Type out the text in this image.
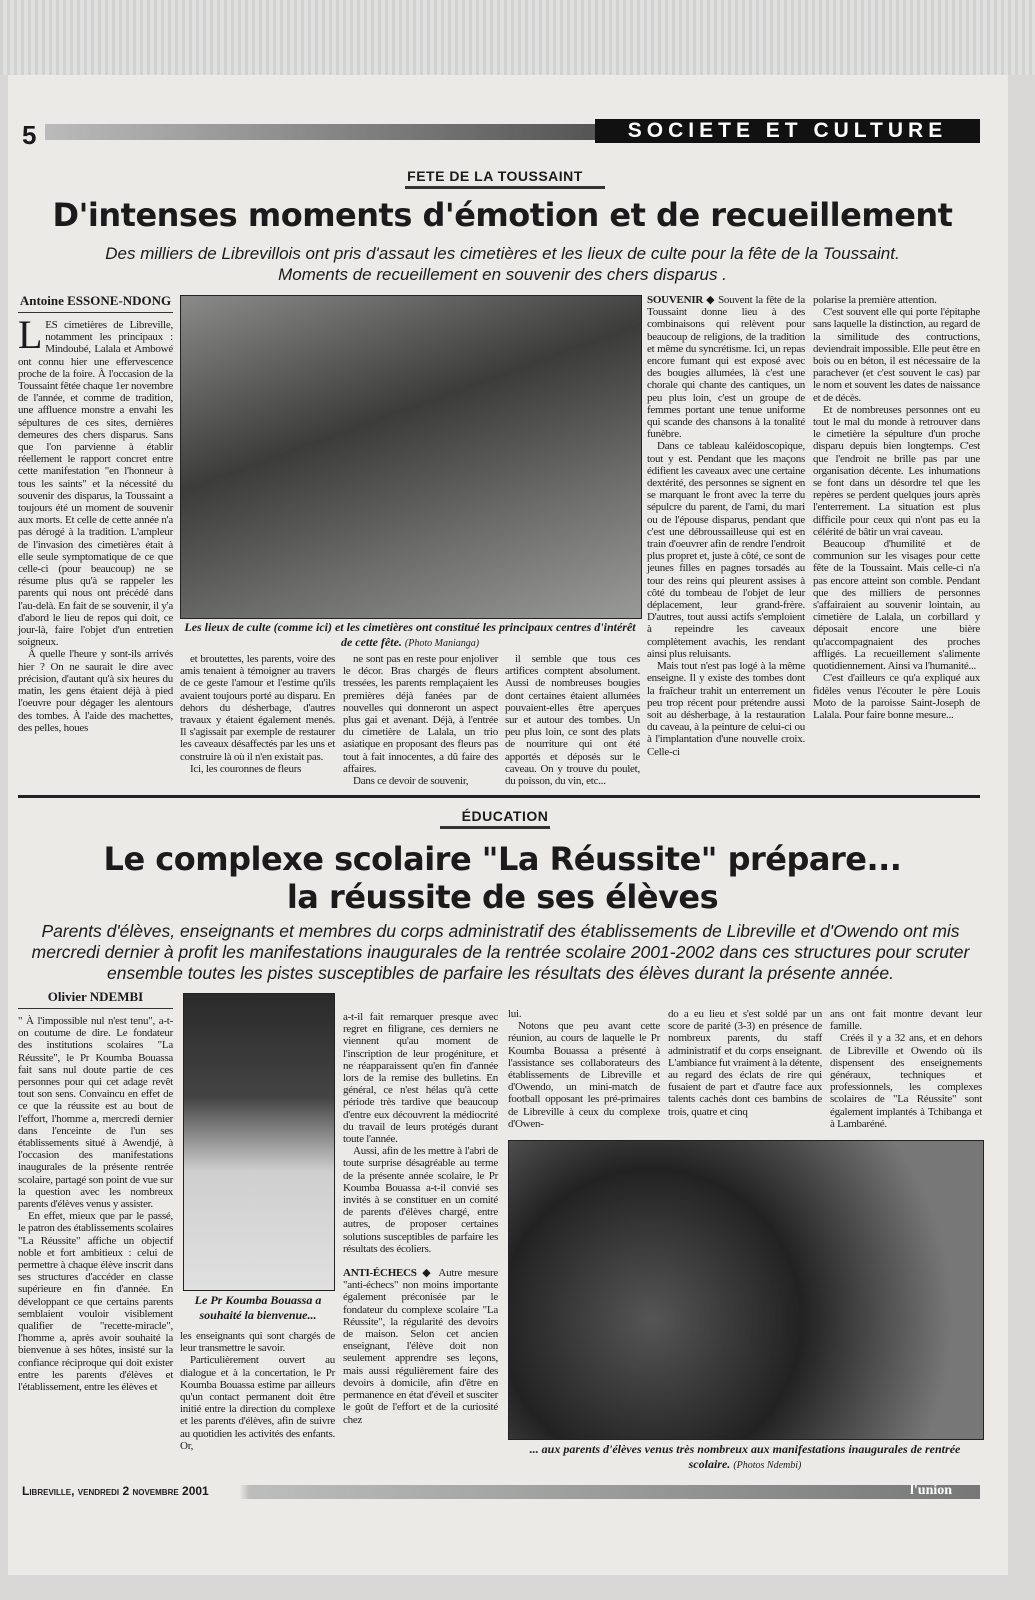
5	SOCIETE ET CULTURE
FETE DE LA TOUSSAINT
D'intenses moments d'émotion et de recueillement
Des milliers de Librevillois ont pris d'assaut les cimetières et les lieux de culte pour la fête de la Toussaint.
Moments de recueillement en souvenir des chers disparus .
Antoine ESSONE-NDONG

LES cimetières de Libreville, notamment les principaux : Mindoubé, Lalala et Ambowé ont connu hier une effervescence proche de la foire. À l'occasion de la Toussaint fêtée chaque 1er novembre de l'année, et comme de tradition, une affluence monstre a envahi les sépultures de ces sites, dernières demeures des chers disparus. Sans que l'on parvienne à établir réellement le rapport concret entre cette manifestation "en l'honneur à tous les saints" et la nécessité du souvenir des disparus, la Toussaint a toujours été un moment de souvenir aux morts. Et celle de cette année n'a pas dérogé à la tradition. L'ampleur de l'invasion des cimetières était à elle seule symptomatique de ce que celle-ci (pour beaucoup) ne se résume plus qu'à se rappeler les parents qui nous ont précédé dans l'au-delà. En fait de se souvenir, il y'a d'abord le lieu de repos qui doit, ce jour-là, faire l'objet d'un entretien soigneux.

À quelle l'heure y sont-ils arrivés hier ? On ne saurait le dire avec précision, d'autant qu'à six heures du matin, les gens étaient déjà à pied l'oeuvre pour dégager les alentours des tombes. À l'aide des machettes, des pelles, houes

Les lieux de culte (comme ici) et les cimetières ont constitué les principaux centres d'intérêt de cette fête. (Photo Manianga)

et broutettes, les parents, voire des amis tenaient à témoigner au travers de ce geste l'amour et l'estime qu'ils avaient toujours porté au disparu. En dehors du désherbage, d'autres travaux y étaient également menés. Il s'agissait par exemple de restaurer les caveaux désaffectés par les uns et construire là où il n'en existait pas.

Ici, les couronnes de fleurs

ne sont pas en reste pour enjoliver le décor. Bras chargés de fleurs tressées, les parents remplaçaient les premières déjà fanées par de nouvelles qui donneront un aspect plus gai et avenant. Déjà, à l'entrée du cimetière de Lalala, un trio asiatique en proposant des fleurs pas tout à fait innocentes, a dû faire des affaires.

Dans ce devoir de souvenir,

il semble que tous ces artifices comptent absolument. Aussi de nombreuses bougies dont certaines étaient allumées pouvaient-elles être aperçues sur et autour des tombes. Un peu plus loin, ce sont des plats de nourriture qui ont été apportés et déposés sur le caveau. On y trouve du poulet, du poisson, du vin, etc...

SOUVENIR ◆ Souvent la fête de la Toussaint donne lieu à des combinaisons qui relèvent pour beaucoup de religions, de la tradition et même du syncrétisme. Ici, un repas encore fumant qui est exposé avec des bougies allumées, là c'est une chorale qui chante des cantiques, un peu plus loin, c'est un groupe de femmes portant une tenue uniforme qui scande des chansons à la tonalité funèbre.

Dans ce tableau kaléidoscopique, tout y est. Pendant que les maçons édifient les caveaux avec une certaine dextérité, des personnes se signent en se marquant le front avec la terre du sépulcre du parent, de l'ami, du mari ou de l'épouse disparus, pendant que c'est une débroussailleuse qui est en train d'oeuvrer afin de rendre l'endroit plus propret et, juste à côté, ce sont de jeunes filles en pagnes torsadés au tour des reins qui pleurent assises à côté du tombeau de l'objet de leur déplacement, leur grand-frère. D'autres, tout aussi actifs s'emploient à repeindre les caveaux complètement avachis, les rendant ainsi plus reluisants.

Mais tout n'est pas logé à la même enseigne. Il y existe des tombes dont la fraîcheur trahit un enterrement un peu trop récent pour prétendre aussi soit au désherbage, à la restauration du caveau, à la peinture de celui-ci ou à l'implantation d'une nouvelle croix. Celle-ci

polarise la première attention.

C'est souvent elle qui porte l'épitaphe sans laquelle la distinction, au regard de la similitude des contructions, deviendrait impossible. Elle peut être en bois ou en béton, il est nécessaire de la parachever (et c'est souvent le cas) par le nom et souvent les dates de naissance et de décès.

Et de nombreuses personnes ont eu tout le mal du monde à retrouver dans le cimetière la sépulture d'un proche disparu depuis bien longtemps. C'est que l'endroit ne brille pas par une organisation décente. Les inhumations se font dans un désordre tel que les repères se perdent quelques jours après l'enterrement. La situation est plus difficile pour ceux qui n'ont pas eu la célérité de bâtir un vrai caveau.

Beaucoup d'humilité et de communion sur les visages pour cette fête de la Toussaint. Mais celle-ci n'a pas encore atteint son comble. Pendant que des milliers de personnes s'affairaient au souvenir lointain, au cimetière de Lalala, un corbillard y déposait encore une bière qu'accompagnaient des proches affligés. La recueillement s'alimente quotidiennement. Ainsi va l'humanité...

C'est d'ailleurs ce qu'a expliqué aux fidèles venus l'écouter le père Louis Moto de la paroisse Saint-Joseph de Lalala. Pour faire bonne mesure...

ÉDUCATION
Le complexe scolaire "La Réussite" prépare...
la réussite de ses élèves
Parents d'élèves, enseignants et membres du corps administratif des établissements de Libreville et d'Owendo ont mis mercredi dernier à profit les manifestations inaugurales de la rentrée scolaire 2001-2002 dans ces structures pour scruter ensemble toutes les pistes susceptibles de parfaire les résultats des élèves durant la présente année.
Olivier NDEMBI

" À l'impossible nul n'est tenu", a-t-on coutume de dire. Le fondateur des institutions scolaires "La Réussite", le Pr Koumba Bouassa fait sans nul doute partie de ces personnes pour qui cet adage revêt tout son sens. Convaincu en effet de ce que la réussite est au bout de l'effort, l'homme a, mercredi dernier dans l'enceinte de l'un ses établissements situé à Awendjé, à l'occasion des manifestations inaugurales de la présente rentrée scolaire, partagé son point de vue sur la question avec les nombreux parents d'élèves venus y assister.

En effet, mieux que par le passé, le patron des établissements scolaires "La Réussite" affiche un objectif noble et fort ambitieux : celui de permettre à chaque élève inscrit dans ses structures d'accéder en classe supérieure en fin d'année. En développant ce que certains parents semblaient vouloir visiblement qualifier de "recette-miracle", l'homme a, après avoir souhaité la bienvenue à ses hôtes, insisté sur la confiance réciproque qui doit exister entre les parents d'élèves et l'établissement, entre les élèves et

Le Pr Koumba Bouassa a souhaité la bienvenue...

les enseignants qui sont chargés de leur transmettre le savoir.

Particulièrement ouvert au dialogue et à la concertation, le Pr Koumba Bouassa estime par ailleurs qu'un contact permanent doit être initié entre la direction du complexe et les parents d'élèves, afin de suivre au quotidien les activités des enfants. Or,

a-t-il fait remarquer presque avec regret en filigrane, ces derniers ne viennent qu'au moment de l'inscription de leur progéniture, et ne réapparaissent qu'en fin d'année lors de la remise des bulletins. En général, ce n'est hélas qu'à cette période très tardive que beaucoup d'entre eux découvrent la médiocrité du travail de leurs protégés durant toute l'année.

Aussi, afin de les mettre à l'abri de toute surprise désagréable au terme de la présente année scolaire, le Pr Koumba Bouassa a-t-il convié ses invités à se constituer en un comité de parents d'élèves chargé, entre autres, de proposer certaines solutions susceptibles de parfaire les résultats des écoliers.

ANTI-ÉCHECS ◆ Autre mesure "anti-échecs" non moins importante également préconisée par le fondateur du complexe scolaire "La Réussite", la régularité des devoirs de maison. Selon cet ancien enseignant, l'élève doit non seulement apprendre ses leçons, mais aussi régulièrement faire des devoirs à domicile, afin d'être en permanence en état d'éveil et susciter le goût de l'effort et de la curiosité chez

lui.

Notons que peu avant cette réunion, au cours de laquelle le Pr Koumba Bouassa a présenté à l'assistance ses collaborateurs des établissements de Libreville et d'Owendo, un mini-match de football opposant les pré-primaires de Libreville à ceux du complexe d'Owen-

do a eu lieu et s'est soldé par un score de parité (3-3) en présence de nombreux parents, du staff administratif et du corps enseignant. L'ambiance fut vraiment à la détente, au regard des éclats de rire qui fusaient de part et d'autre face aux talents cachés dont ces bambins de trois, quatre et cinq

ans ont fait montre devant leur famille.

Créés il y a 32 ans, et en dehors de Libreville et Owendo où ils dispensent des enseignements généraux, techniques et professionnels, les complexes scolaires de "La Réussite" sont également implantés à Tchibanga et à Lambaréné.

... aux parents d'élèves venus très nombreux aux manifestations inaugurales de rentrée scolaire. (Photos Ndembi)
Libreville, vendredi 2 novembre 2001	l'union
